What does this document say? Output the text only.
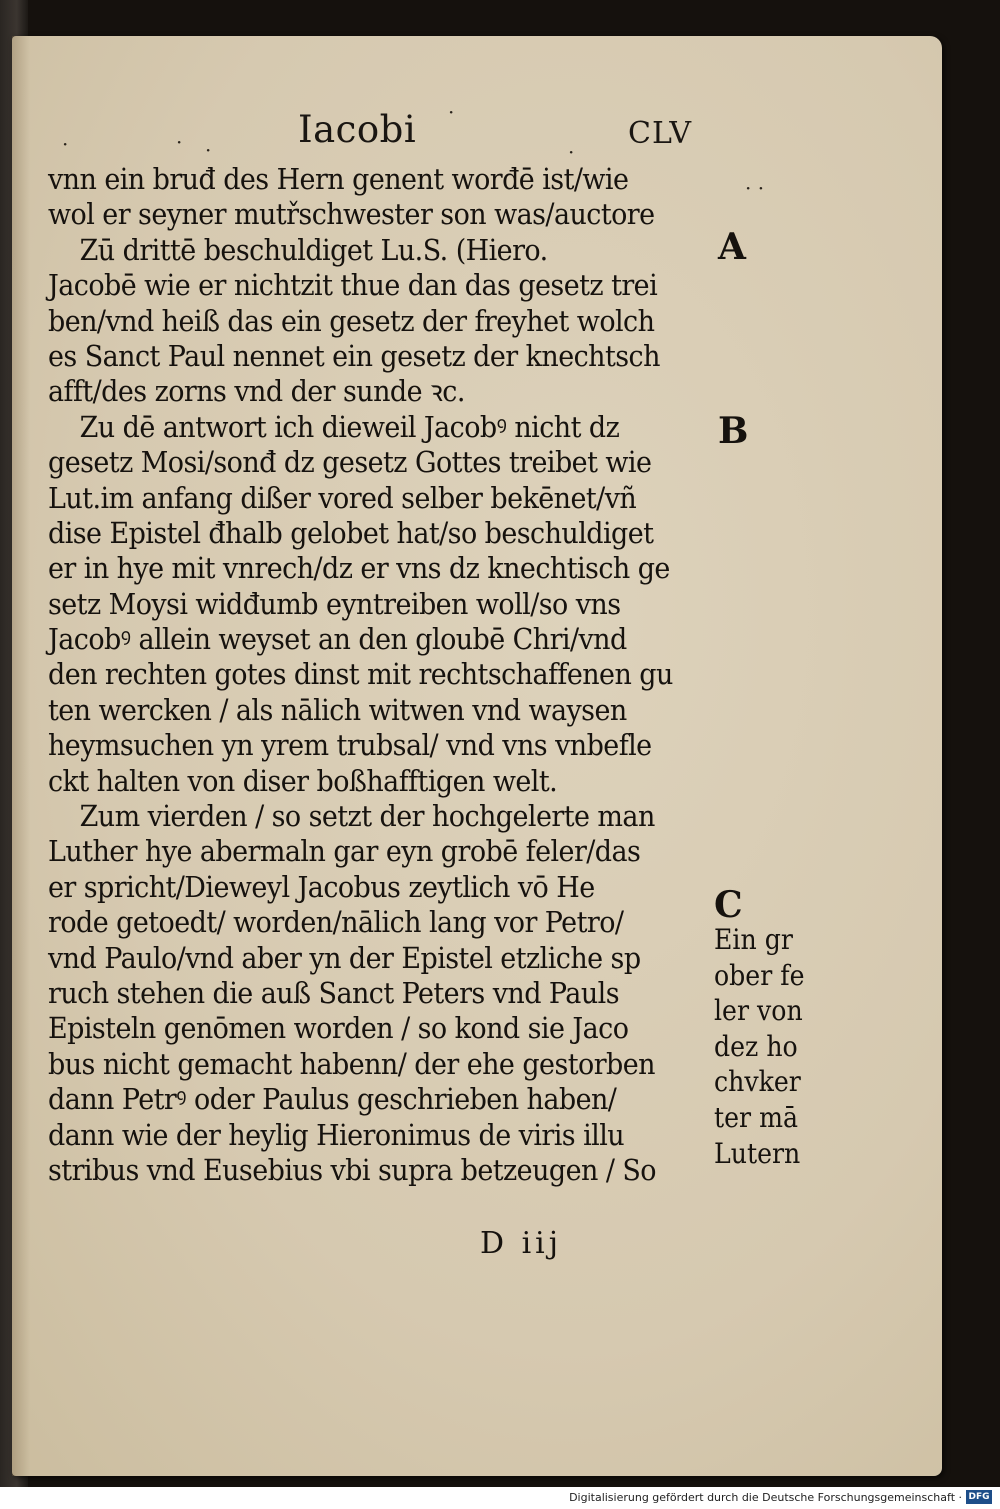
·	· ·
·
·
· ·
Iacobi	CLV
vnn ein bruđ des Hern genent worđē ist/wie
wol er seyner mutřschwester son was/auctore
Zū drittē beschuldiget Lu.S. (Hiero.
Jacobē wie er nichtzit thue dan das gesetz trei
ben/vnd heiß das ein gesetz der freyhet wolch
es Sanct Paul nennet ein gesetz der knechtsch
afft/des zorns vnd der sunde ꝛc.
Zu dē antwort ich dieweil Jacobꝰ nicht dz
gesetz Mosi/sonđ dz gesetz Gottes treibet wie
Lut.im anfang dißer vored selber bekēnet/vñ
dise Epistel đhalb gelobet hat/so beschuldiget
er in hye mit vnrech/dz er vns dz knechtisch ge
setz Moysi widđumb eyntreiben woll/so vns
Jacobꝰ allein weyset an den gloubē Chri/vnd
den rechten gotes dinst mit rechtschaffenen gu
ten wercken / als nālich witwen vnd waysen
heymsuchen yn yrem trubsal/ vnd vns vnbefle
ckt halten von diser boßhafftigen welt.
Zum vierden / so setzt der hochgelerte man
Luther hye abermaln gar eyn grobē feler/das
er spricht/Dieweyl Jacobus zeytlich vō He
rode getoedt/ worden/nālich lang vor Petro/
vnd Paulo/vnd aber yn der Epistel etzliche sp
ruch stehen die auß Sanct Peters vnd Pauls
Episteln genōmen worden / so kond sie Jaco
bus nicht gemacht habenn/ der ehe gestorben
dann Petrꝰ oder Paulus geschrieben haben/
dann wie der heylig Hieronimus de viris illu
stribus vnd Eusebius vbi supra betzeugen / So
A
B
C
Ein gr
ober fe
ler von
dez ho
chvker
ter mā
Lutern
D iij
Digitalisierung gefördert durch die Deutsche Forschungsgemeinschaft · DFG
